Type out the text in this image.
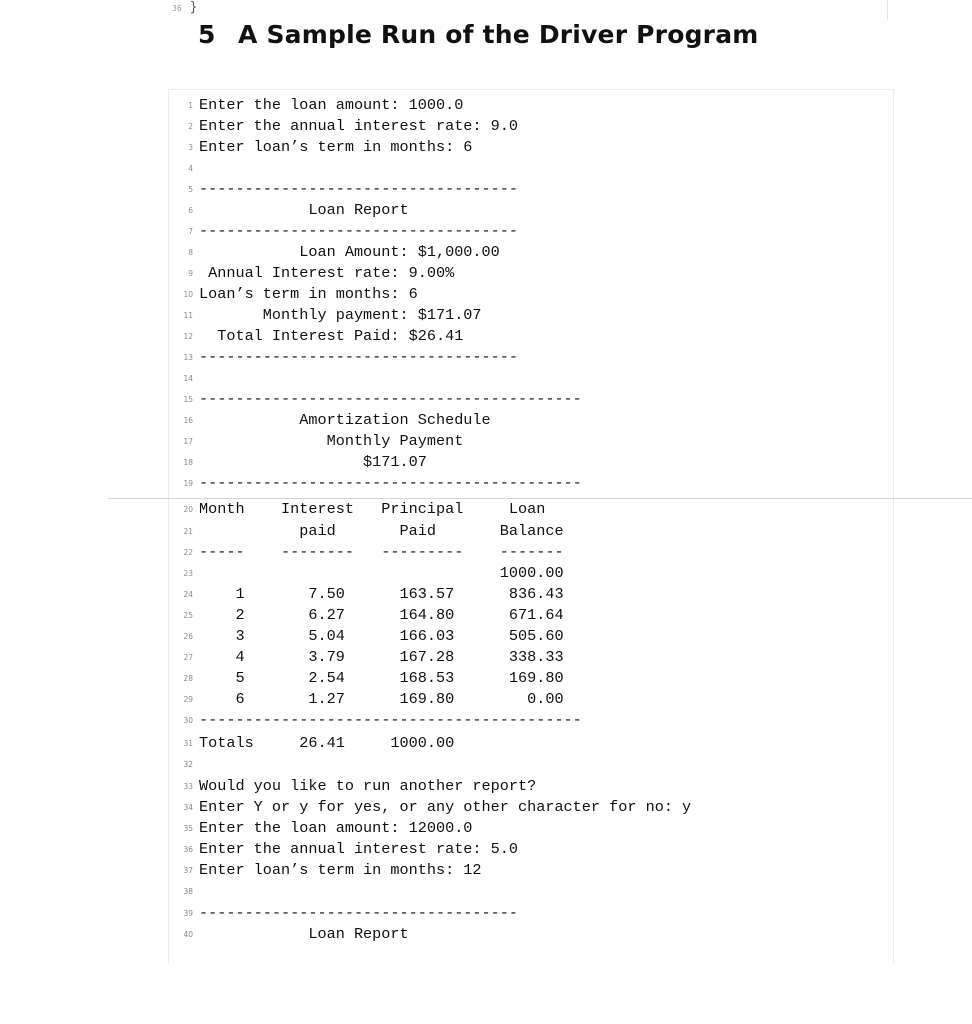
36 }
5 A Sample Run of the Driver Program
1 Enter the loan amount: 1000.0
2 Enter the annual interest rate: 9.0
3 Enter loan’s term in months: 6
4
5 -----------------------------------
6 Loan Report
7 -----------------------------------
8 Loan Amount: $1,000.00
9 Annual Interest rate: 9.00%
10 Loan’s term in months: 6
11 Monthly payment: $171.07
12 Total Interest Paid: $26.41
13 -----------------------------------
14
15 ------------------------------------------
16 Amortization Schedule
17 Monthly Payment
18 $171.07
19 ------------------------------------------
20 Month    Interest   Principal     Loan
21 paid       Paid       Balance
22 -----    --------   ---------    -------
23 1000.00
24 1       7.50      163.57      836.43
25 2       6.27      164.80      671.64
26 3       5.04      166.03      505.60
27 4       3.79      167.28      338.33
28 5       2.54      168.53      169.80
29 6       1.27      169.80        0.00
30 ------------------------------------------
31 Totals     26.41     1000.00
32
33 Would you like to run another report?
34 Enter Y or y for yes, or any other character for no: y
35 Enter the loan amount: 12000.0
36 Enter the annual interest rate: 5.0
37 Enter loan’s term in months: 12
38
39 -----------------------------------
40 Loan Report
